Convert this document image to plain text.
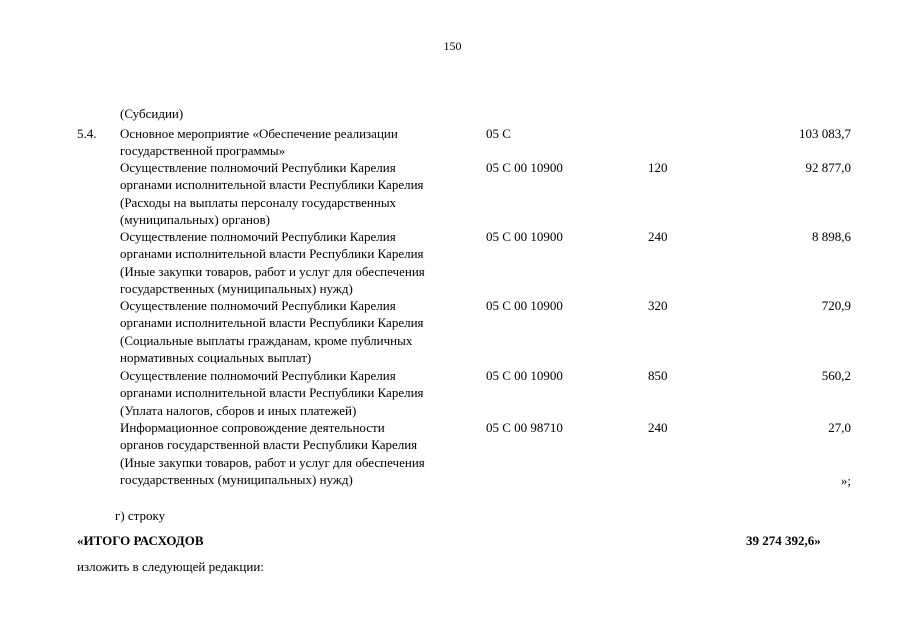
150
(Субсидии)
5.4. Основное мероприятие «Обеспечение реализации
государственной программы»
05 С	103 083,7
Осуществление полномочий Республики Карелия
органами исполнительной власти Республики Карелия
(Расходы на выплаты персоналу государственных
(муниципальных) органов)
05 С 00 10900	120	92 877,0
Осуществление полномочий Республики Карелия
органами исполнительной власти Республики Карелия
(Иные закупки товаров, работ и услуг для обеспечения
государственных (муниципальных) нужд)
05 С 00 10900	240	8 898,6
Осуществление полномочий Республики Карелия
органами исполнительной власти Республики Карелия
(Социальные выплаты гражданам, кроме публичных
нормативных социальных выплат)
05 С 00 10900	320	720,9
Осуществление полномочий Республики Карелия
органами исполнительной власти Республики Карелия
(Уплата налогов, сборов и иных платежей)
05 С 00 10900	850	560,2
Информационное сопровождение деятельности
органов государственной власти Республики Карелия
(Иные закупки товаров, работ и услуг для обеспечения
государственных (муниципальных) нужд)
05 С 00 98710	240	27,0
»;
г) строку
«ИТОГО РАСХОДОВ	39 274 392,6»
изложить в следующей редакции:
